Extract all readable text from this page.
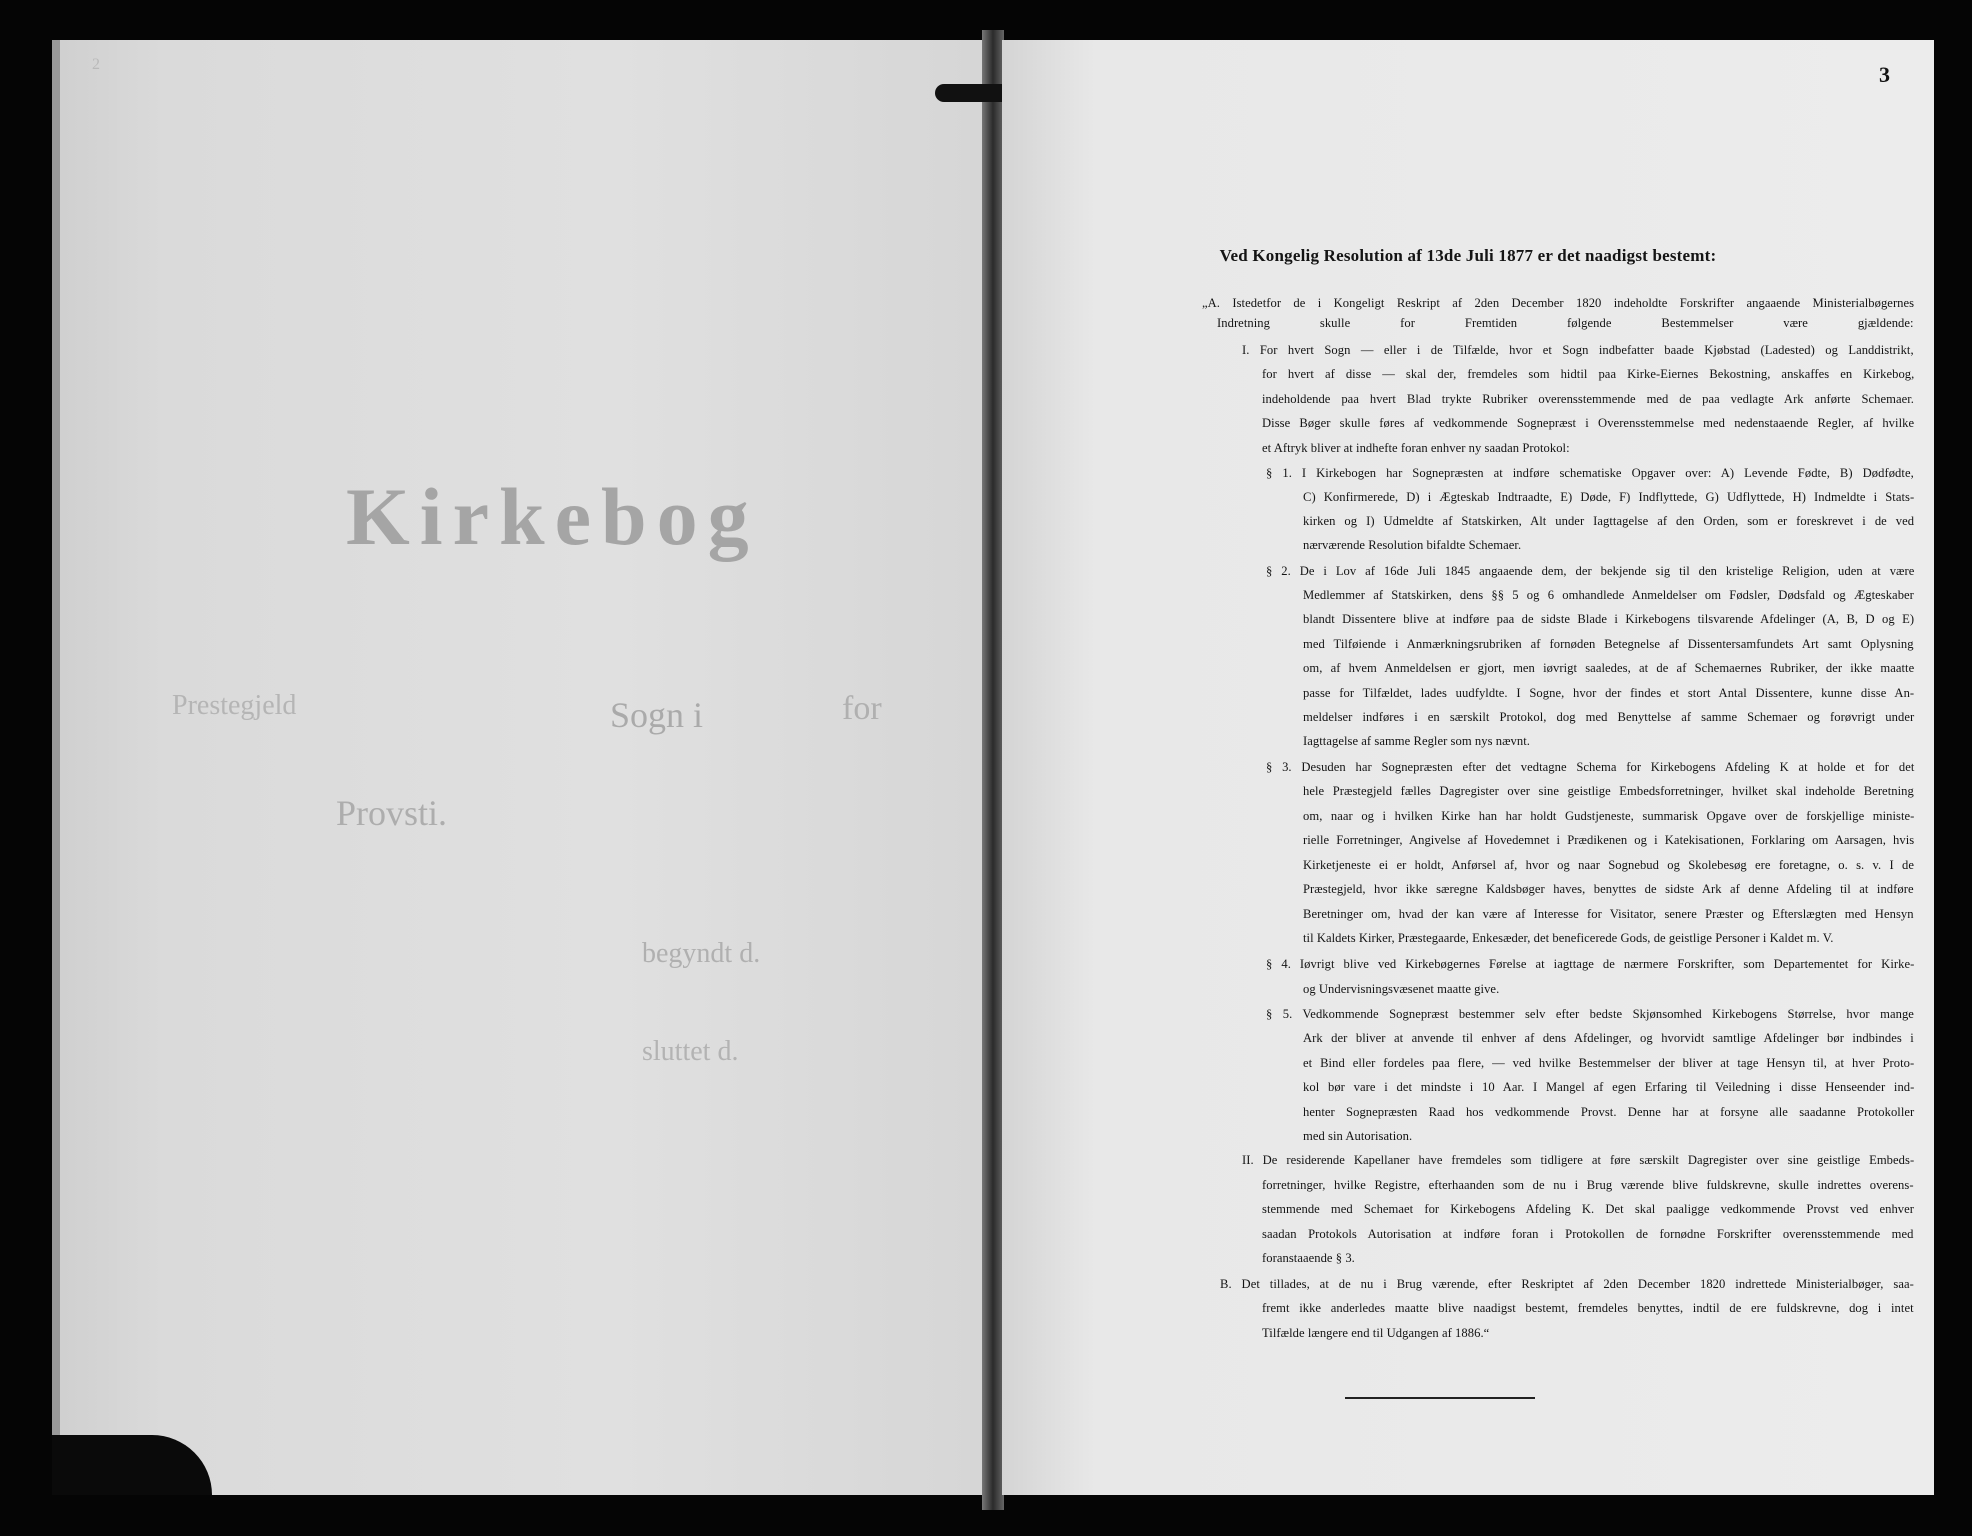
2
Kirkebog
Prestegjeld	Sogn i	for
Provsti.
begyndt d.
sluttet d.
3
Ved Kongelig Resolution af 13de Juli 1877 er det naadigst bestemt:
„A. Istedetfor de i Kongeligt Reskript af 2den December 1820 indeholdte Forskrifter angaaende Ministerialbøgernes
Indretning skulle for Fremtiden følgende Bestemmelser være gjældende:
I. For hvert Sogn — eller i de Tilfælde, hvor et Sogn indbefatter baade Kjøbstad (Ladested) og Landdistrikt,
for hvert af disse — skal der, fremdeles som hidtil paa Kirke-Eiernes Bekostning, anskaffes en Kirkebog,
indeholdende paa hvert Blad trykte Rubriker overensstemmende med de paa vedlagte Ark anførte Schemaer.
Disse Bøger skulle føres af vedkommende Sognepræst i Overensstemmelse med nedenstaaende Regler, af hvilke
et Aftryk bliver at indhefte foran enhver ny saadan Protokol:
§ 1. I Kirkebogen har Sognepræsten at indføre schematiske Opgaver over: A) Levende Fødte, B) Dødfødte,
C) Konfirmerede, D) i Ægteskab Indtraadte, E) Døde, F) Indflyttede, G) Udflyttede, H) Indmeldte i Stats-
kirken og I) Udmeldte af Statskirken, Alt under Iagttagelse af den Orden, som er foreskrevet i de ved
nærværende Resolution bifaldte Schemaer.
§ 2. De i Lov af 16de Juli 1845 angaaende dem, der bekjende sig til den kristelige Religion, uden at være
Medlemmer af Statskirken, dens §§ 5 og 6 omhandlede Anmeldelser om Fødsler, Dødsfald og Ægteskaber
blandt Dissentere blive at indføre paa de sidste Blade i Kirkebogens tilsvarende Afdelinger (A, B, D og E)
med Tilføiende i Anmærkningsrubriken af fornøden Betegnelse af Dissentersamfundets Art samt Oplysning
om, af hvem Anmeldelsen er gjort, men iøvrigt saaledes, at de af Schemaernes Rubriker, der ikke maatte
passe for Tilfældet, lades uudfyldte. I Sogne, hvor der findes et stort Antal Dissentere, kunne disse An-
meldelser indføres i en særskilt Protokol, dog med Benyttelse af samme Schemaer og forøvrigt under
Iagttagelse af samme Regler som nys nævnt.
§ 3. Desuden har Sognepræsten efter det vedtagne Schema for Kirkebogens Afdeling K at holde et for det
hele Præstegjeld fælles Dagregister over sine geistlige Embedsforretninger, hvilket skal indeholde Beretning
om, naar og i hvilken Kirke han har holdt Gudstjeneste, summarisk Opgave over de forskjellige ministe-
rielle Forretninger, Angivelse af Hovedemnet i Prædikenen og i Katekisationen, Forklaring om Aarsagen, hvis
Kirketjeneste ei er holdt, Anførsel af, hvor og naar Sognebud og Skolebesøg ere foretagne, o. s. v. I de
Præstegjeld, hvor ikke særegne Kaldsbøger haves, benyttes de sidste Ark af denne Afdeling til at indføre
Beretninger om, hvad der kan være af Interesse for Visitator, senere Præster og Efterslægten med Hensyn
til Kaldets Kirker, Præstegaarde, Enkesæder, det beneficerede Gods, de geistlige Personer i Kaldet m. V.
§ 4. Iøvrigt blive ved Kirkebøgernes Førelse at iagttage de nærmere Forskrifter, som Departementet for Kirke-
og Undervisningsvæsenet maatte give.
§ 5. Vedkommende Sognepræst bestemmer selv efter bedste Skjønsomhed Kirkebogens Størrelse, hvor mange
Ark der bliver at anvende til enhver af dens Afdelinger, og hvorvidt samtlige Afdelinger bør indbindes i
et Bind eller fordeles paa flere, — ved hvilke Bestemmelser der bliver at tage Hensyn til, at hver Proto-
kol bør vare i det mindste i 10 Aar. I Mangel af egen Erfaring til Veiledning i disse Henseender ind-
henter Sognepræsten Raad hos vedkommende Provst. Denne har at forsyne alle saadanne Protokoller
med sin Autorisation.
II. De residerende Kapellaner have fremdeles som tidligere at føre særskilt Dagregister over sine geistlige Embeds-
forretninger, hvilke Registre, efterhaanden som de nu i Brug værende blive fuldskrevne, skulle indrettes overens-
stemmende med Schemaet for Kirkebogens Afdeling K. Det skal paaligge vedkommende Provst ved enhver
saadan Protokols Autorisation at indføre foran i Protokollen de fornødne Forskrifter overensstemmende med
foranstaaende § 3.
B. Det tillades, at de nu i Brug værende, efter Reskriptet af 2den December 1820 indrettede Ministerialbøger, saa-
fremt ikke anderledes maatte blive naadigst bestemt, fremdeles benyttes, indtil de ere fuldskrevne, dog i intet
Tilfælde længere end til Udgangen af 1886.“
